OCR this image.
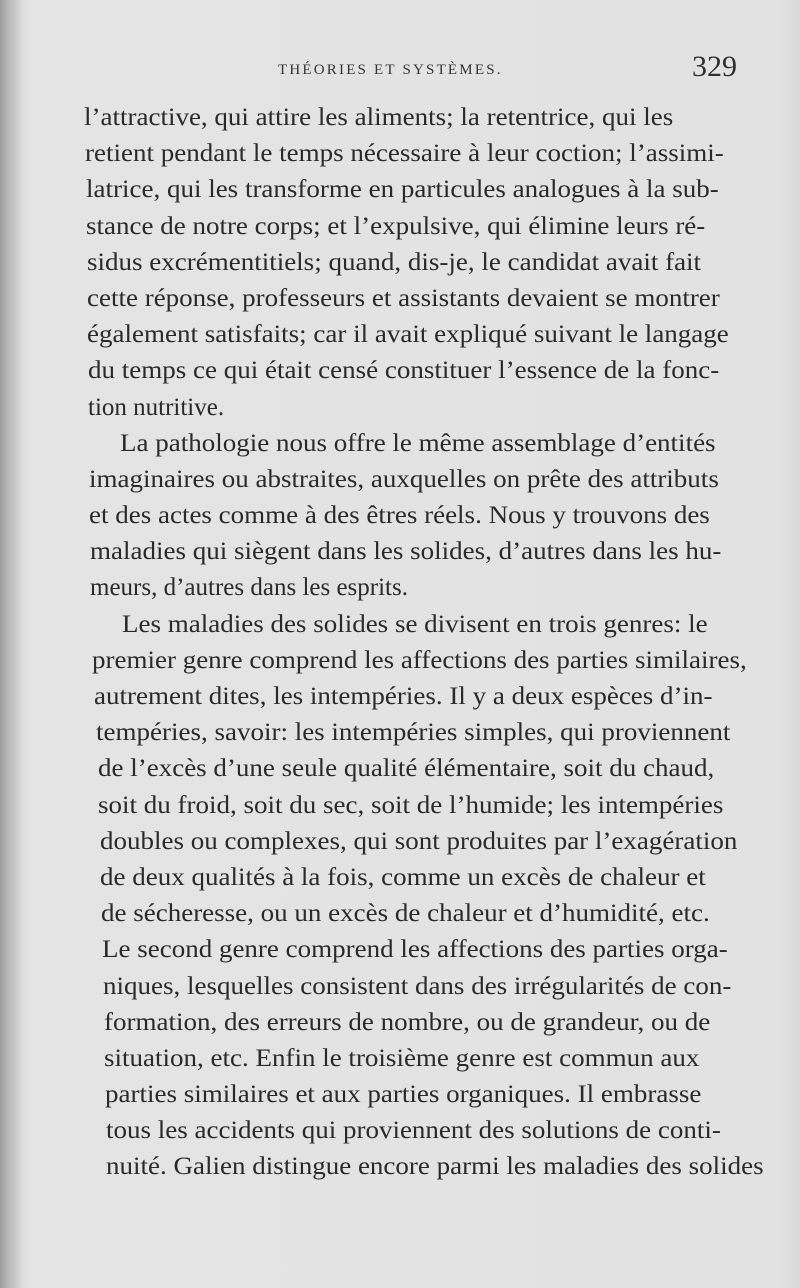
THÉORIES ET SYSTÈMES.	329
l’attractive, qui attire les aliments; la retentrice, qui les
retient pendant le temps nécessaire à leur coction; l’assimi-
latrice, qui les transforme en particules analogues à la sub-
stance de notre corps; et l’expulsive, qui élimine leurs ré-
sidus excrémentitiels; quand, dis-je, le candidat avait fait
cette réponse, professeurs et assistants devaient se montrer
également satisfaits; car il avait expliqué suivant le langage
du temps ce qui était censé constituer l’essence de la fonc-
tion nutritive.
La pathologie nous offre le même assemblage d’entités
imaginaires ou abstraites, auxquelles on prête des attributs
et des actes comme à des êtres réels. Nous y trouvons des
maladies qui siègent dans les solides, d’autres dans les hu-
meurs, d’autres dans les esprits.
Les maladies des solides se divisent en trois genres: le
premier genre comprend les affections des parties similaires,
autrement dites, les intempéries. Il y a deux espèces d’in-
tempéries, savoir: les intempéries simples, qui proviennent
de l’excès d’une seule qualité élémentaire, soit du chaud,
soit du froid, soit du sec, soit de l’humide; les intempéries
doubles ou complexes, qui sont produites par l’exagération
de deux qualités à la fois, comme un excès de chaleur et
de sécheresse, ou un excès de chaleur et d’humidité, etc.
Le second genre comprend les affections des parties orga-
niques, lesquelles consistent dans des irrégularités de con-
formation, des erreurs de nombre, ou de grandeur, ou de
situation, etc. Enfin le troisième genre est commun aux
parties similaires et aux parties organiques. Il embrasse
tous les accidents qui proviennent des solutions de conti-
nuité. Galien distingue encore parmi les maladies des solides
